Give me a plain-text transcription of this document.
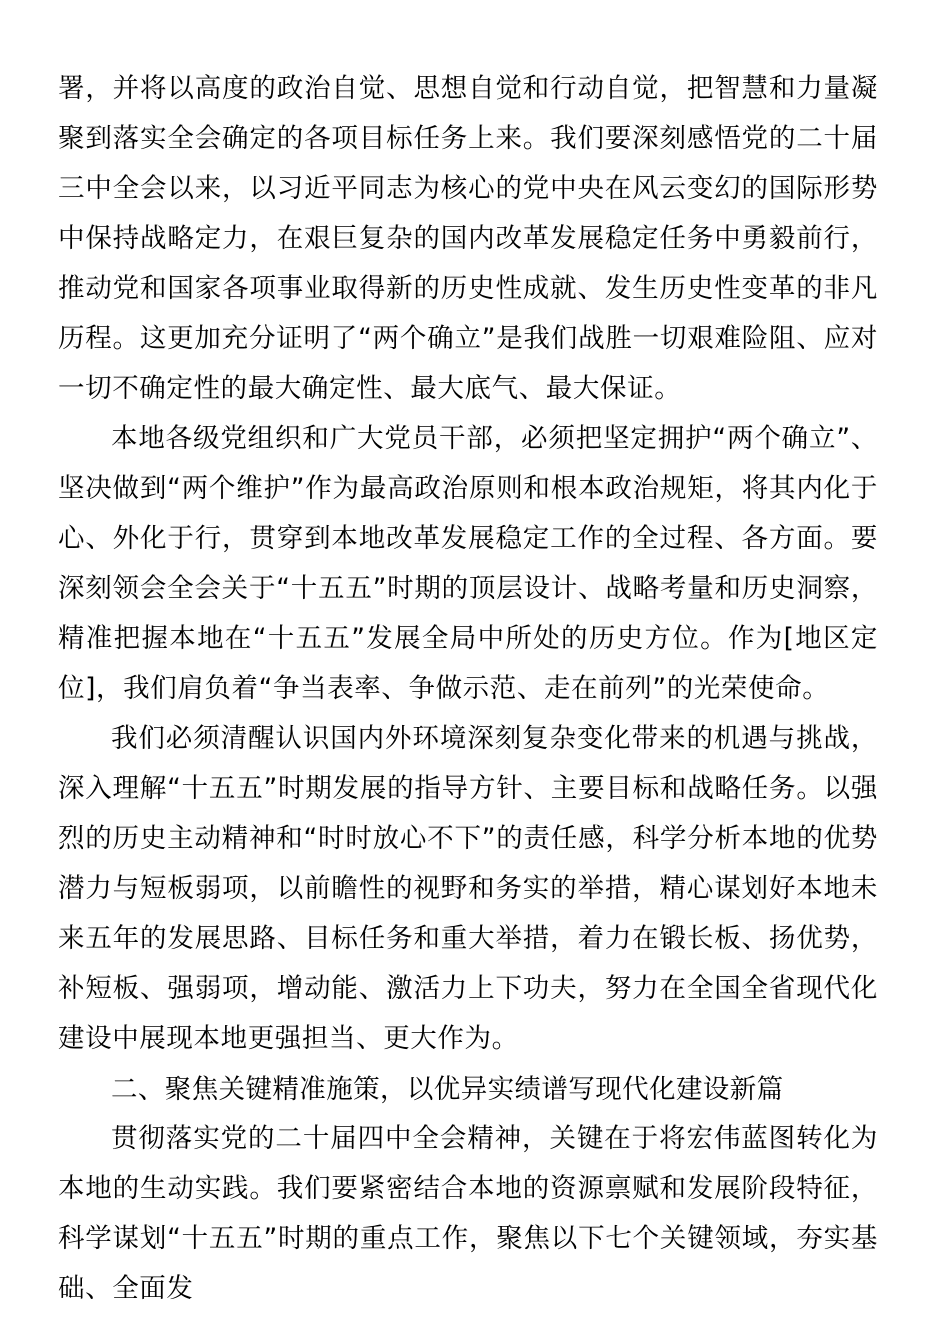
署，并将以高度的政治自觉、思想自觉和行动自觉，把智慧和力量凝聚到落实全会确定的各项目标任务上来。我们要深刻感悟党的二十届三中全会以来，以习近平同志为核心的党中央在风云变幻的国际形势中保持战略定力，在艰巨复杂的国内改革发展稳定任务中勇毅前行，推动党和国家各项事业取得新的历史性成就、发生历史性变革的非凡历程。这更加充分证明了“两个确立”是我们战胜一切艰难险阻、应对一切不确定性的最大确定性、最大底气、最大保证。

本地各级党组织和广大党员干部，必须把坚定拥护“两个确立”、坚决做到“两个维护”作为最高政治原则和根本政治规矩，将其内化于心、外化于行，贯穿到本地改革发展稳定工作的全过程、各方面。要深刻领会全会关于“十五五”时期的顶层设计、战略考量和历史洞察，精准把握本地在“十五五”发展全局中所处的历史方位。作为[地区定位]，我们肩负着“争当表率、争做示范、走在前列”的光荣使命。

我们必须清醒认识国内外环境深刻复杂变化带来的机遇与挑战，深入理解“十五五”时期发展的指导方针、主要目标和战略任务。以强烈的历史主动精神和“时时放心不下”的责任感，科学分析本地的优势潜力与短板弱项，以前瞻性的视野和务实的举措，精心谋划好本地未来五年的发展思路、目标任务和重大举措，着力在锻长板、扬优势，补短板、强弱项，增动能、激活力上下功夫，努力在全国全省现代化建设中展现本地更强担当、更大作为。

二、聚焦关键精准施策，以优异实绩谱写现代化建设新篇

贯彻落实党的二十届四中全会精神，关键在于将宏伟蓝图转化为本地的生动实践。我们要紧密结合本地的资源禀赋和发展阶段特征，科学谋划“十五五”时期的重点工作，聚焦以下七个关键领域，夯实基础、全面发
